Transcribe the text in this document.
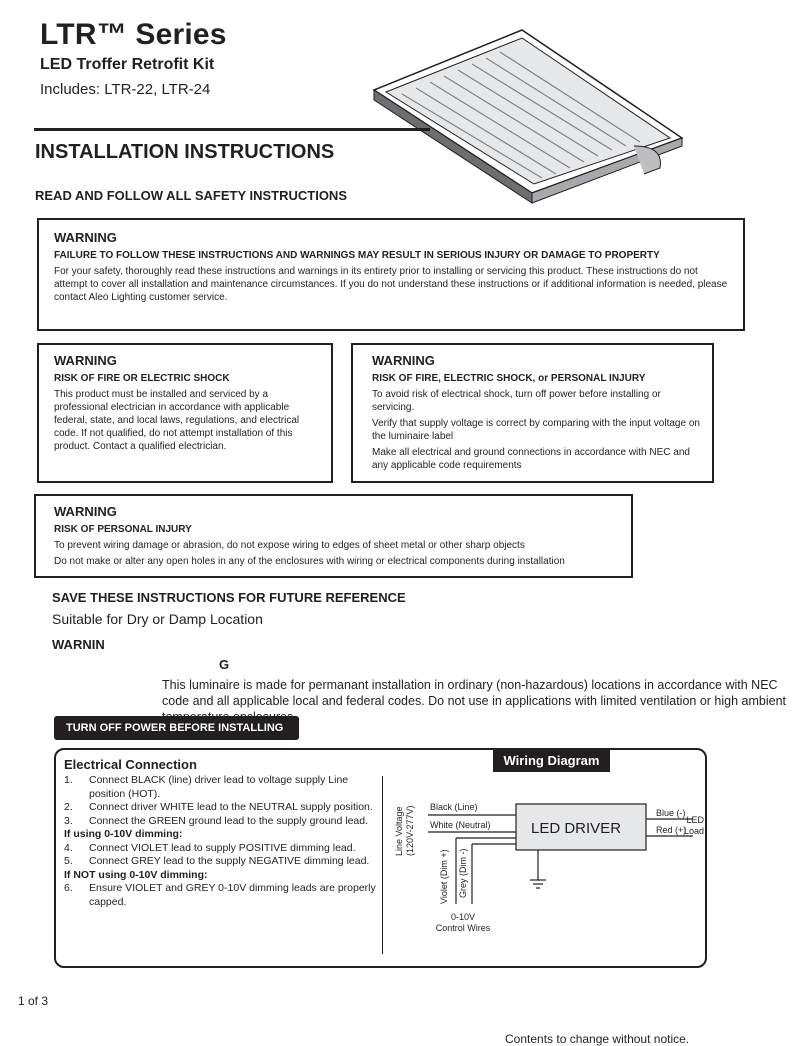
LTR™ Series
LED Troffer Retrofit Kit
Includes: LTR-22, LTR-24
INSTALLATION INSTRUCTIONS
READ AND FOLLOW ALL SAFETY INSTRUCTIONS
WARNING
FAILURE TO FOLLOW THESE INSTRUCTIONS AND WARNINGS MAY RESULT IN SERIOUS INJURY OR DAMAGE TO PROPERTY

For your safety, thoroughly read these instructions and warnings in its entirety prior to installing or servicing this product. These instructions do not attempt to cover all installation and maintenance circumstances. If you do not understand these instructions or if additional information is needed, please contact Aleo Lighting customer service.

WARNING
RISK OF FIRE OR ELECTRIC SHOCK

This product must be installed and serviced by a professional electrician in accordance with applicable federal, state, and local laws, regulations, and electrical code. If not qualified, do not attempt installation of this product. Contact a qualified electrician.

WARNING
RISK OF FIRE, ELECTRIC SHOCK, or PERSONAL INJURY

To avoid risk of electrical shock, turn off power before installing or servicing.

Verify that supply voltage is correct by comparing with the input voltage on the luminaire label

Make all electrical and ground connections in accordance with NEC and any applicable code requirements

WARNING
RISK OF PERSONAL INJURY

To prevent wiring damage or abrasion, do not expose wiring to edges of sheet metal or other sharp objects

Do not make or alter any open holes in any of the enclosures with wiring or electrical components during installation

SAVE THESE INSTRUCTIONS FOR FUTURE REFERENCE
Suitable for Dry or Damp Location
WARNIN
G
This luminaire is made for permanant installation in ordinary (non-hazardous) locations in accordance with NEC code and all applicable local and federal codes. Do not use in applications with limited ventilation or high ambient
TURN OFF POWER BEFORE INSTALLING
Electrical Connection
1.	Connect BLACK (line) driver lead to voltage supply Line position (HOT).
2.	Connect driver WHITE lead to the NEUTRAL supply position.
3.	Connect the GREEN ground lead to the supply ground lead.
If using 0-10V dimming:
4.	Connect VIOLET lead to supply POSITIVE dimming lead.
5.	Connect GREY lead to the supply NEGATIVE dimming lead.
If NOT using 0-10V dimming:
6.	Ensure VIOLET and GREY 0-10V dimming leads are properly capped.
Wiring Diagram
Line Voltage (120V-277V) Black (Line)
White (Neutral)	LED DRIVER
Blue (-)
Red (+)
LED
Load
Violet (Dim +) Grey (Dim -)
0-10V
Control Wires
1 of 3
Contents to change without notice.
